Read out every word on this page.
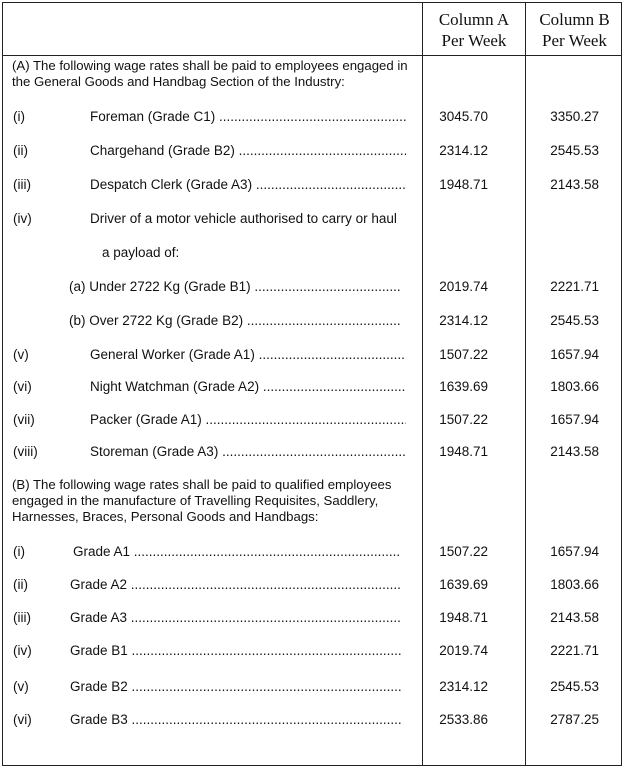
Column A
Per Week
Column B
Per Week
(A) The following wage rates shall be paid to employees engaged in the General Goods and Handbag Section of the Industry:
(i)	Foreman (Grade C1) .....	3045.70	3350.27
(ii)	Chargehand (Grade B2) .....	2314.12	2545.53
(iii)	Despatch Clerk (Grade A3) .....	1948.71	2143.58
(iv)	Driver of a motor vehicle authorised to carry or haul
a payload of:
(a) Under 2722 Kg (Grade B1) .....	2019.74	2221.71
(b) Over 2722 Kg (Grade B2) .....	2314.12	2545.53
(v)	General Worker (Grade A1) .....	1507.22	1657.94
(vi)	Night Watchman (Grade A2) .....	1639.69	1803.66
(vii)	Packer (Grade A1) .....	1507.22	1657.94
(viii)	Storeman (Grade A3) .....	1948.71	2143.58
(B) The following wage rates shall be paid to qualified employees engaged in the manufacture of Travelling Requisites, Saddlery, Harnesses, Braces, Personal Goods and Handbags:
(i)	Grade A1 .....	1507.22	1657.94
(ii)	Grade A2 .....	1639.69	1803.66
(iii)	Grade A3 .....	1948.71	2143.58
(iv)	Grade B1 .....	2019.74	2221.71
(v)	Grade B2 .....	2314.12	2545.53
(vi)	Grade B3 .....	2533.86	2787.25
